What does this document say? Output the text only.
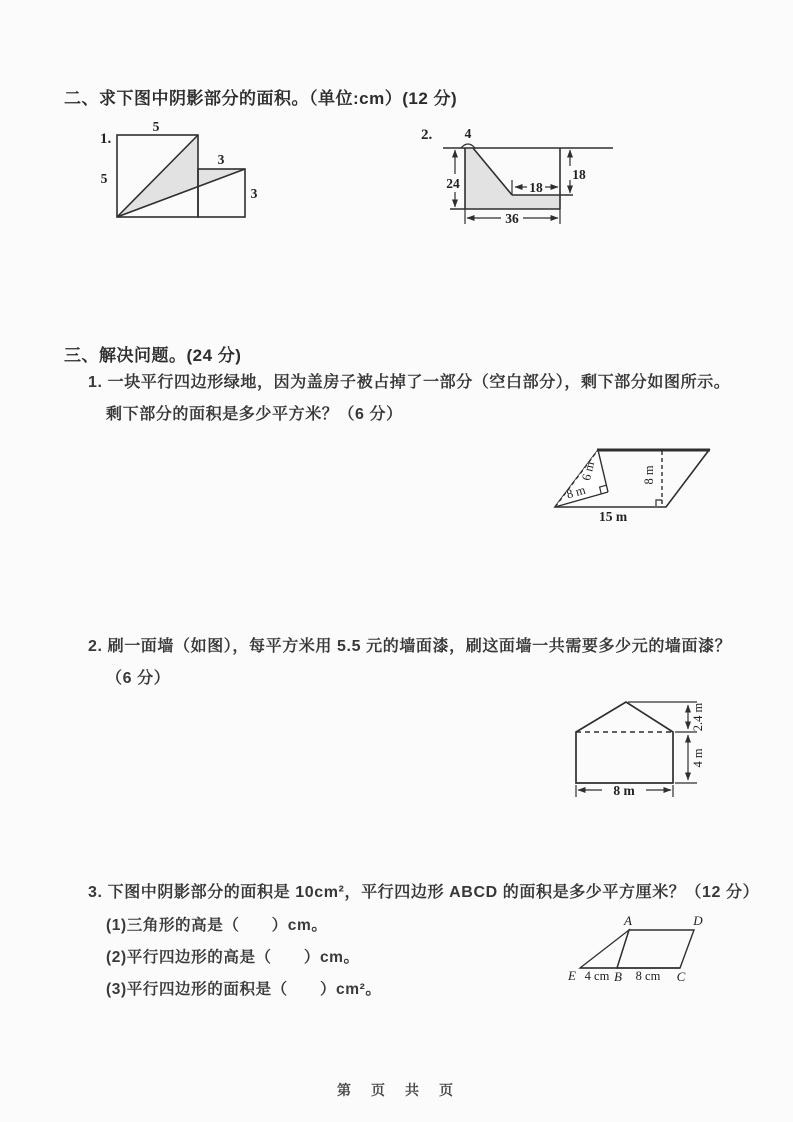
二、求下图中阴影部分的面积。（单位:cm）(12 分)
三、解决问题。(24 分)
1. 一块平行四边形绿地，因为盖房子被占掉了一部分（空白部分），剩下部分如图所示。
剩下部分的面积是多少平方米？（6 分）
2. 刷一面墙（如图），每平方米用 5.5 元的墙面漆，刷这面墙一共需要多少元的墙面漆？
（6 分）
3. 下图中阴影部分的面积是 10cm²，平行四边形 ABCD 的面积是多少平方厘米？（12 分）
(1)三角形的高是（　　）cm。
(2)平行四边形的高是（　　）cm。
(3)平行四边形的面积是（　　）cm²。
第　页　共　页
1.
5
5
3
3
2. 4
24	18
18
36
6 m
8 m
8 m
15 m
2.4 m
4 m
8 m
E 4 cm B 8 cm C
A	D
